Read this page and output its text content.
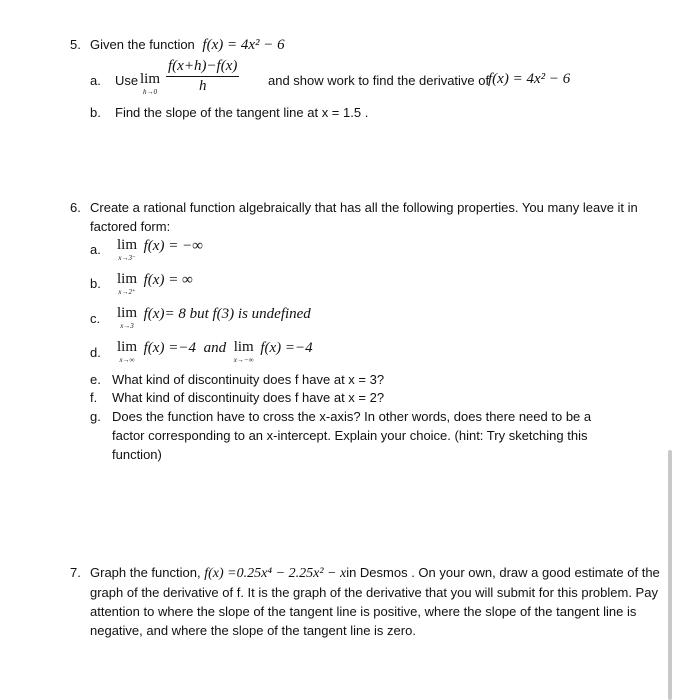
5. Given the function f(x) = 4x² − 6
a. Use lim
$h\to 0 \frac{f(x+h)-f(x)}{h}$ and show work to find the derivative of
f(x) = 4x² − 6
b. Find the slope of the tangent line at x = 1.5 .
6. Create a rational function algebraically that has all the following properties. You many leave it in factored form:
a. lim
x→3⁻
f(x) = −∞
b. lim
x→2⁺
f(x) = ∞
c. lim
x→3
f(x)= 8 but f(3) is undefined
d. lim
x→∞
f(x) =−4 and lim
x→−∞
f(x) =−4
e. What kind of discontinuity does f have at x = 3?
f. What kind of discontinuity does f have at x = 2?
g. Does the function have to cross the x-axis? In other words, does there need to be a factor corresponding to an x-intercept. Explain your choice. (hint: Try sketching this function)
7. Graph the function, f(x) =0.25x⁴ − 2.25x² − xin Desmos . On your own, draw a good estimate of the graph of the derivative of f. It is the graph of the derivative that you will submit for this problem. Pay attention to where the slope of the tangent line is positive, where the slope of the tangent line is negative, and where the slope of the tangent line is zero.
